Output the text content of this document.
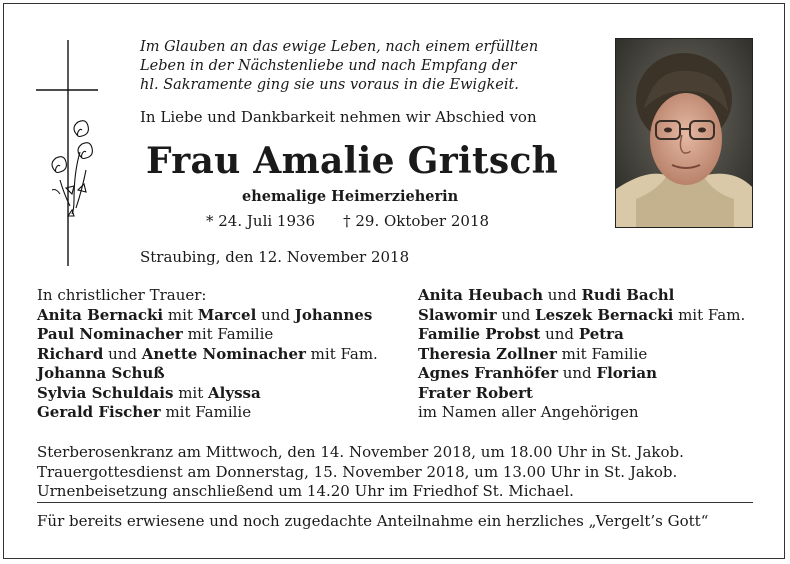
Im Glauben an das ewige Leben, nach einem erfüllten
Leben in der Nächstenliebe und nach Empfang der
hl. Sakramente ging sie uns voraus in die Ewigkeit.
In Liebe und Dankbarkeit nehmen wir Abschied von
Frau Amalie Gritsch
ehemalige Heimerzieherin
* 24. Juli 1936 † 29. Oktober 2018
Straubing, den 12. November 2018
In christlicher Trauer:
Anita Bernacki mit Marcel und Johannes
Paul Nominacher mit Familie
Richard und Anette Nominacher mit Fam.
Johanna Schuß
Sylvia Schuldais mit Alyssa
Gerald Fischer mit Familie
Anita Heubach und Rudi Bachl
Slawomir und Leszek Bernacki mit Fam.
Familie Probst und Petra
Theresia Zollner mit Familie
Agnes Franhöfer und Florian
Frater Robert
im Namen aller Angehörigen
Sterberosenkranz am Mittwoch, den 14. November 2018, um 18.00 Uhr in St. Jakob.
Trauergottesdienst am Donnerstag, 15. November 2018, um 13.00 Uhr in St. Jakob.
Urnenbeisetzung anschließend um 14.20 Uhr im Friedhof St. Michael.
Für bereits erwiesene und noch zugedachte Anteilnahme ein herzliches „Vergelt’s Gott“
